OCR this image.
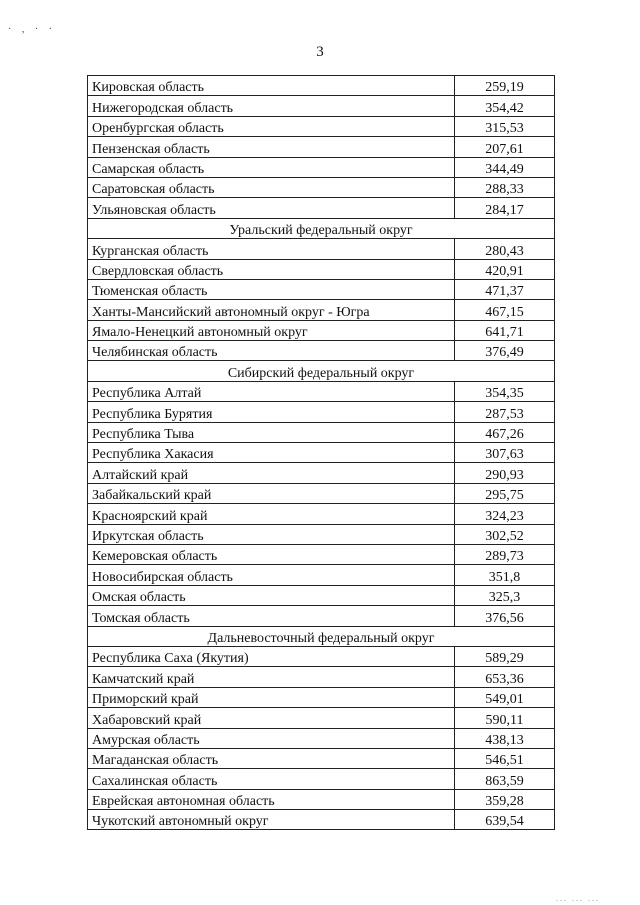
· , · ·
3
Кировская область	259,19
Нижегородская область	354,42
Оренбургская область	315,53
Пензенская область	207,61
Самарская область	344,49
Саратовская область	288,33
Ульяновская область	284,17
Уральский федеральный округ	
Курганская область	280,43
Свердловская область	420,91
Тюменская область	471,37
Ханты-Мансийский автономный округ - Югра	467,15
Ямало-Ненецкий автономный округ	641,71
Челябинская область	376,49
Сибирский федеральный округ	
Республика Алтай	354,35
Республика Бурятия	287,53
Республика Тыва	467,26
Республика Хакасия	307,63
Алтайский край	290,93
Забайкальский край	295,75
Красноярский край	324,23
Иркутская область	302,52
Кемеровская область	289,73
Новосибирская область	351,8
Омская область	325,3
Томская область	376,56
Дальневосточный федеральный округ	
Республика Саха (Якутия)	589,29
Камчатский край	653,36
Приморский край	549,01
Хабаровский край	590,11
Амурская область	438,13
Магаданская область	546,51
Сахалинская область	863,59
Еврейская автономная область	359,28
Чукотский автономный округ	639,54
... ... ...
